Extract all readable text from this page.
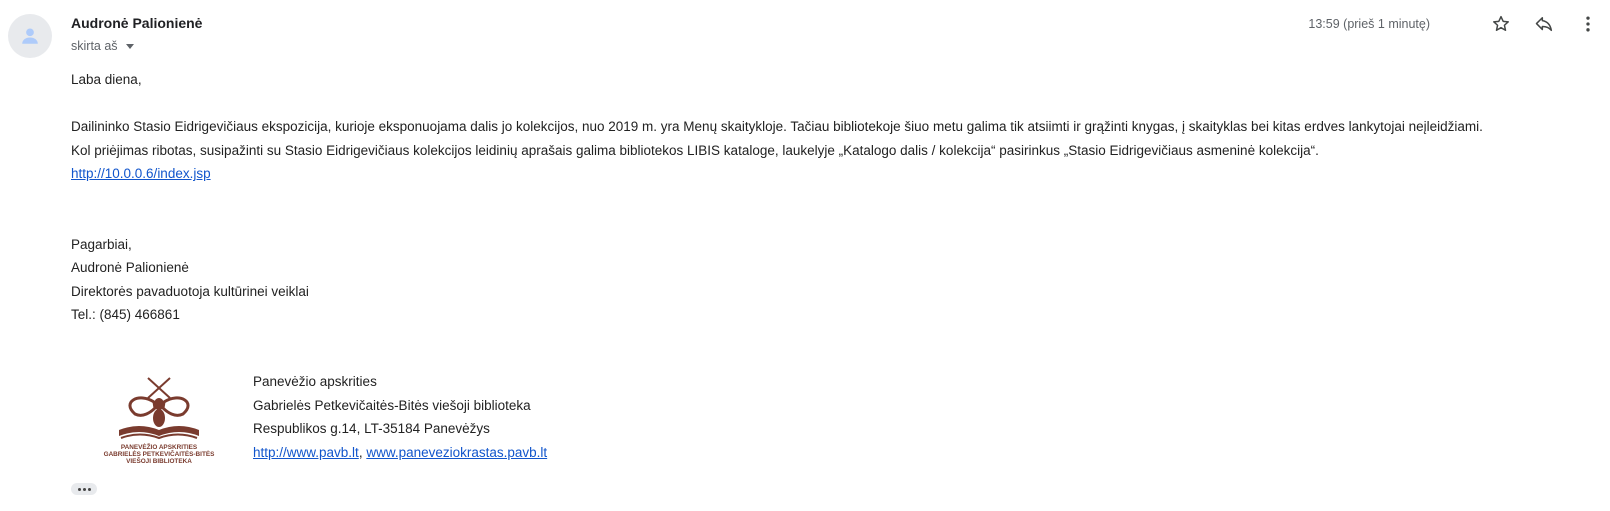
Audronė Palionienė
skirta aš
13:59 (prieš 1 minutę)

Laba diena,

Dailininko Stasio Eidrigevičiaus ekspozicija, kurioje eksponuojama dalis jo kolekcijos, nuo 2019 m. yra Menų skaitykloje. Tačiau bibliotekoje šiuo metu galima tik atsiimti ir grąžinti knygas, į skaityklas bei kitas erdves lankytojai neįleidžiami.

Kol priėjimas ribotas, susipažinti su Stasio Eidrigevičiaus kolekcijos leidinių aprašais galima bibliotekos LIBIS kataloge, laukelyje „Katalogo dalis / kolekcija“ pasirinkus „Stasio Eidrigevičiaus asmeninė kolekcija“.

http://10.0.0.6/index.jsp

Pagarbiai,

Audronė Palionienė

Direktorės pavaduotoja kultūrinei veiklai

Tel.: (845) 466861

PANEVĖŽIO APSKRITIES
GABRIELĖS PETKEVIČAITĖS-BITĖS
VIEŠOJI BIBLIOTEKA
Panevėžio apskrities
Gabrielės Petkevičaitės-Bitės viešoji biblioteka
Respublikos g.14, LT-35184 Panevėžys
http://www.pavb.lt, www.paneveziokrastas.pavb.lt
